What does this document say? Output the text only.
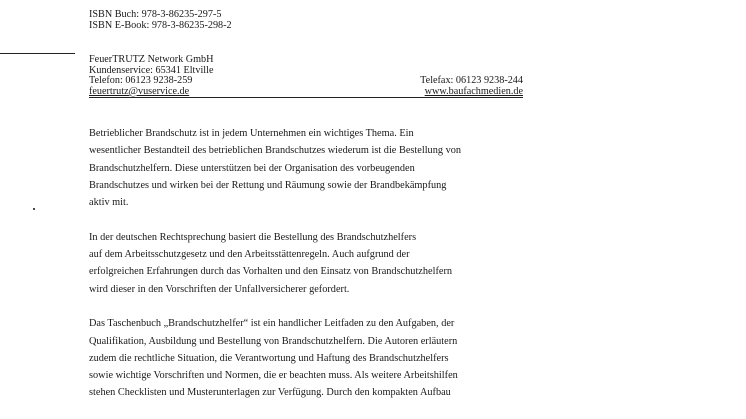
ISBN Buch: 978-3-86235-297-5
ISBN E-Book: 978-3-86235-298-2
FeuerTRUTZ Network GmbH
Kundenservice: 65341 Eltville
Telefon: 06123 9238-259	Telefax: 06123 9238-244
feuertrutz@vuservice.de	www.baufachmedien.de

Betrieblicher Brandschutz ist in jedem Unternehmen ein wichtiges Thema. Ein
wesentlicher Bestandteil des betrieblichen Brandschutzes wiederum ist die Bestellung von
Brandschutzhelfern. Diese unterstützen bei der Organisation des vorbeugenden
Brandschutzes und wirken bei der Rettung und Räumung sowie der Brandbekämpfung
aktiv mit.

In der deutschen Rechtsprechung basiert die Bestellung des Brandschutzhelfers
auf dem Arbeitsschutzgesetz und den Arbeitsstättenregeln. Auch aufgrund der
erfolgreichen Erfahrungen durch das Vorhalten und den Einsatz von Brandschutzhelfern
wird dieser in den Vorschriften der Unfallversicherer gefordert.

Das Taschenbuch „Brandschutzhelfer“ ist ein handlicher Leitfaden zu den Aufgaben, der
Qualifikation, Ausbildung und Bestellung von Brandschutzhelfern. Die Autoren erläutern
zudem die rechtliche Situation, die Verantwortung und Haftung des Brandschutzhelfers
sowie wichtige Vorschriften und Normen, die er beachten muss. Als weitere Arbeitshilfen
stehen Checklisten und Musterunterlagen zur Verfügung. Durch den kompakten Aufbau
